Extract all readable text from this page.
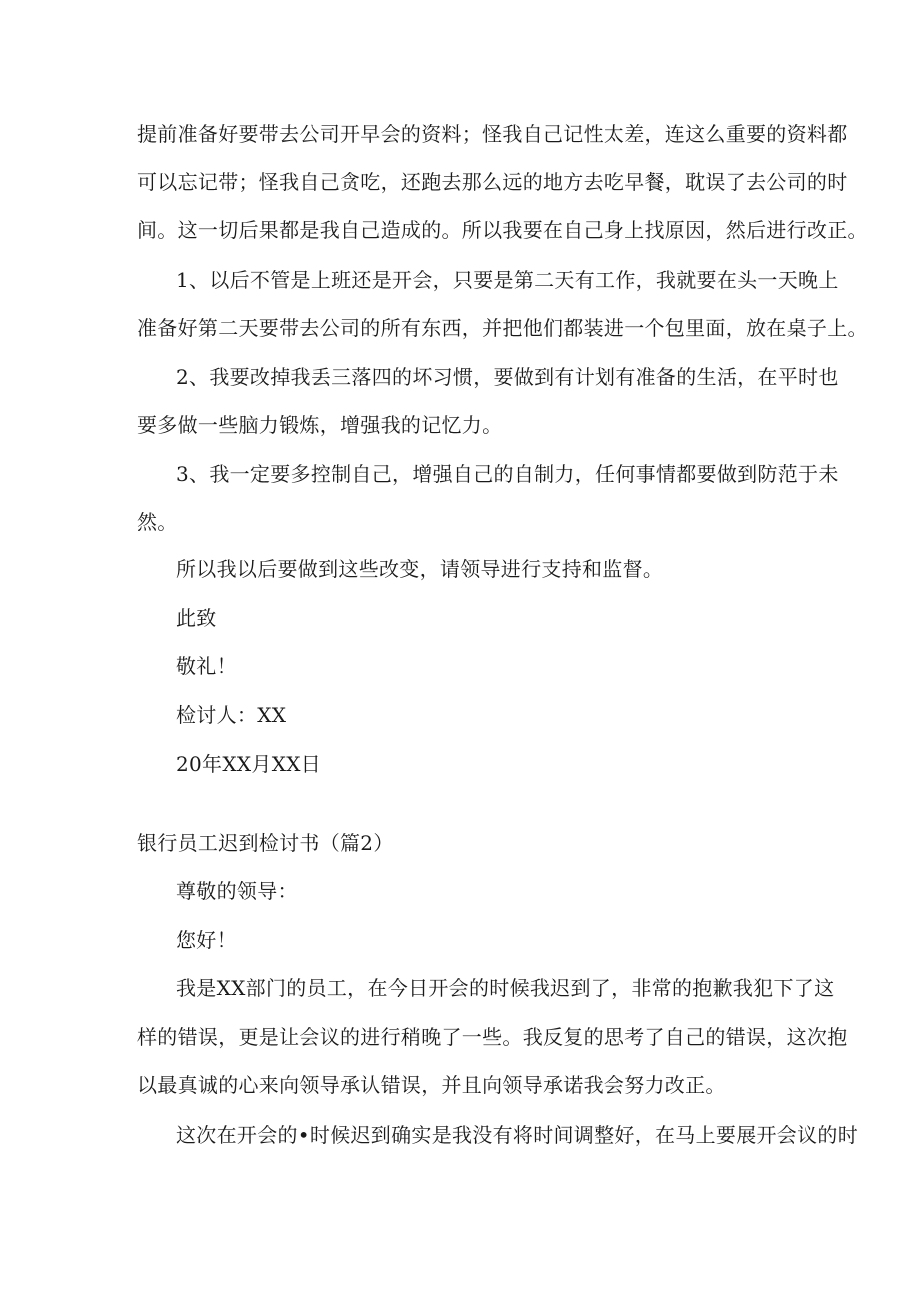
提前准备好要带去公司开早会的资料；怪我自己记性太差，连这么重要的资料都
可以忘记带；怪我自己贪吃，还跑去那么远的地方去吃早餐，耽误了去公司的时
间。这一切后果都是我自己造成的。所以我要在自己身上找原因，然后进行改正。
1、以后不管是上班还是开会，只要是第二天有工作，我就要在头一天晚上
准备好第二天要带去公司的所有东西，并把他们都装进一个包里面，放在桌子上。
2、我要改掉我丢三落四的坏习惯，要做到有计划有准备的生活，在平时也
要多做一些脑力锻炼，增强我的记忆力。
3、我一定要多控制自己，增强自己的自制力，任何事情都要做到防范于未
然。
所以我以后要做到这些改变，请领导进行支持和监督。
此致
敬礼！
检讨人：XX
20年XX月XX日
银行员工迟到检讨书（篇2）
尊敬的领导：
您好！
我是XX部门的员工，在今日开会的时候我迟到了，非常的抱歉我犯下了这
样的错误，更是让会议的进行稍晚了一些。我反复的思考了自己的错误，这次抱
以最真诚的心来向领导承认错误，并且向领导承诺我会努力改正。
这次在开会的•时候迟到确实是我没有将时间调整好，在马上要展开会议的时
